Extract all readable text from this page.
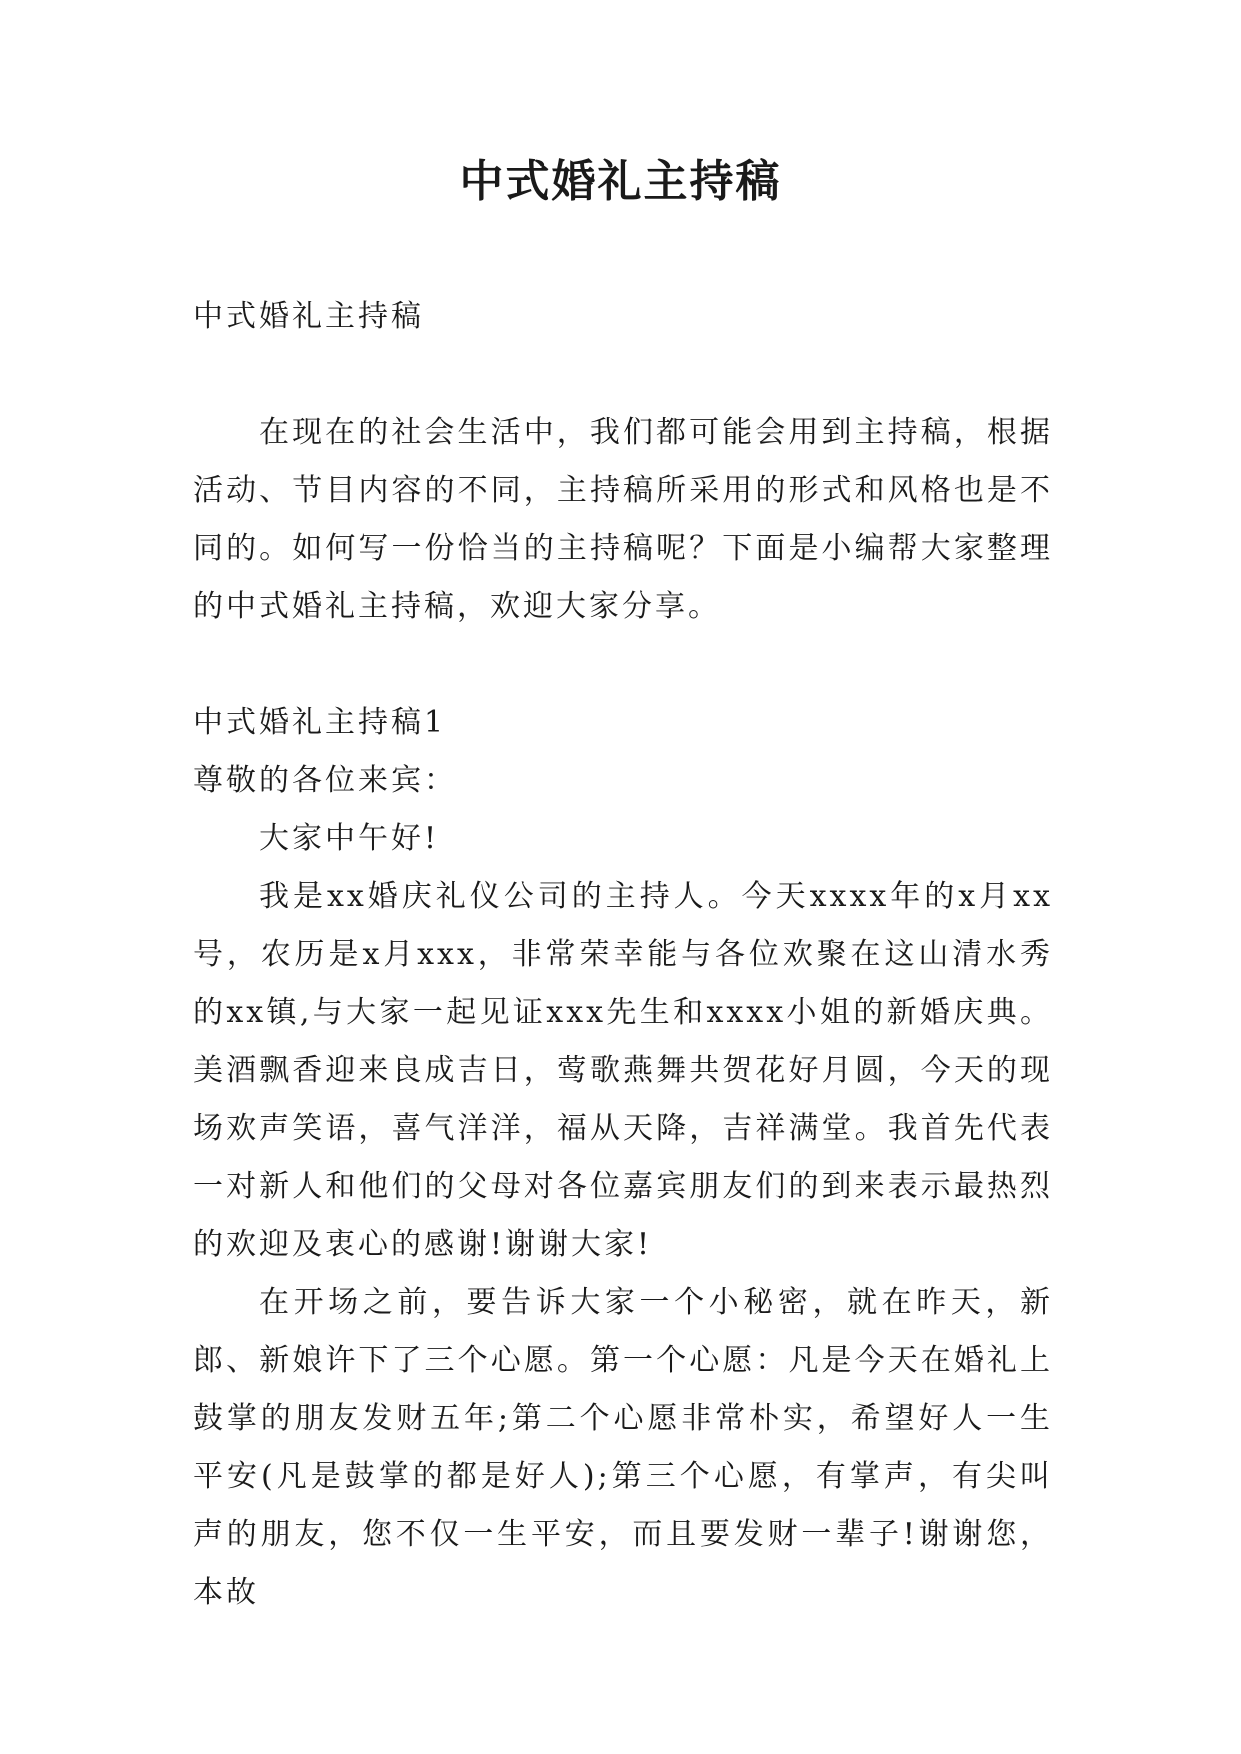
中式婚礼主持稿

中式婚礼主持稿

在现在的社会生活中，我们都可能会用到主持稿，根据活动、节目内容的不同，主持稿所采用的形式和风格也是不同的。如何写一份恰当的主持稿呢？下面是小编帮大家整理的中式婚礼主持稿，欢迎大家分享。

中式婚礼主持稿1

尊敬的各位来宾：

大家中午好!

我是xx婚庆礼仪公司的主持人。今天xxxx年的x月xx号，农历是x月xxx，非常荣幸能与各位欢聚在这山清水秀的xx镇,与大家一起见证xxx先生和xxxx小姐的新婚庆典。美酒飘香迎来良成吉日，莺歌燕舞共贺花好月圆，今天的现场欢声笑语，喜气洋洋，福从天降，吉祥满堂。我首先代表一对新人和他们的父母对各位嘉宾朋友们的到来表示最热烈的欢迎及衷心的感谢!谢谢大家!

在开场之前，要告诉大家一个小秘密，就在昨天，新郎、新娘许下了三个心愿。第一个心愿：凡是今天在婚礼上鼓掌的朋友发财五年;第二个心愿非常朴实，希望好人一生平安(凡是鼓掌的都是好人);第三个心愿，有掌声，有尖叫声的朋友，您不仅一生平安，而且要发财一辈子!谢谢您，本故
